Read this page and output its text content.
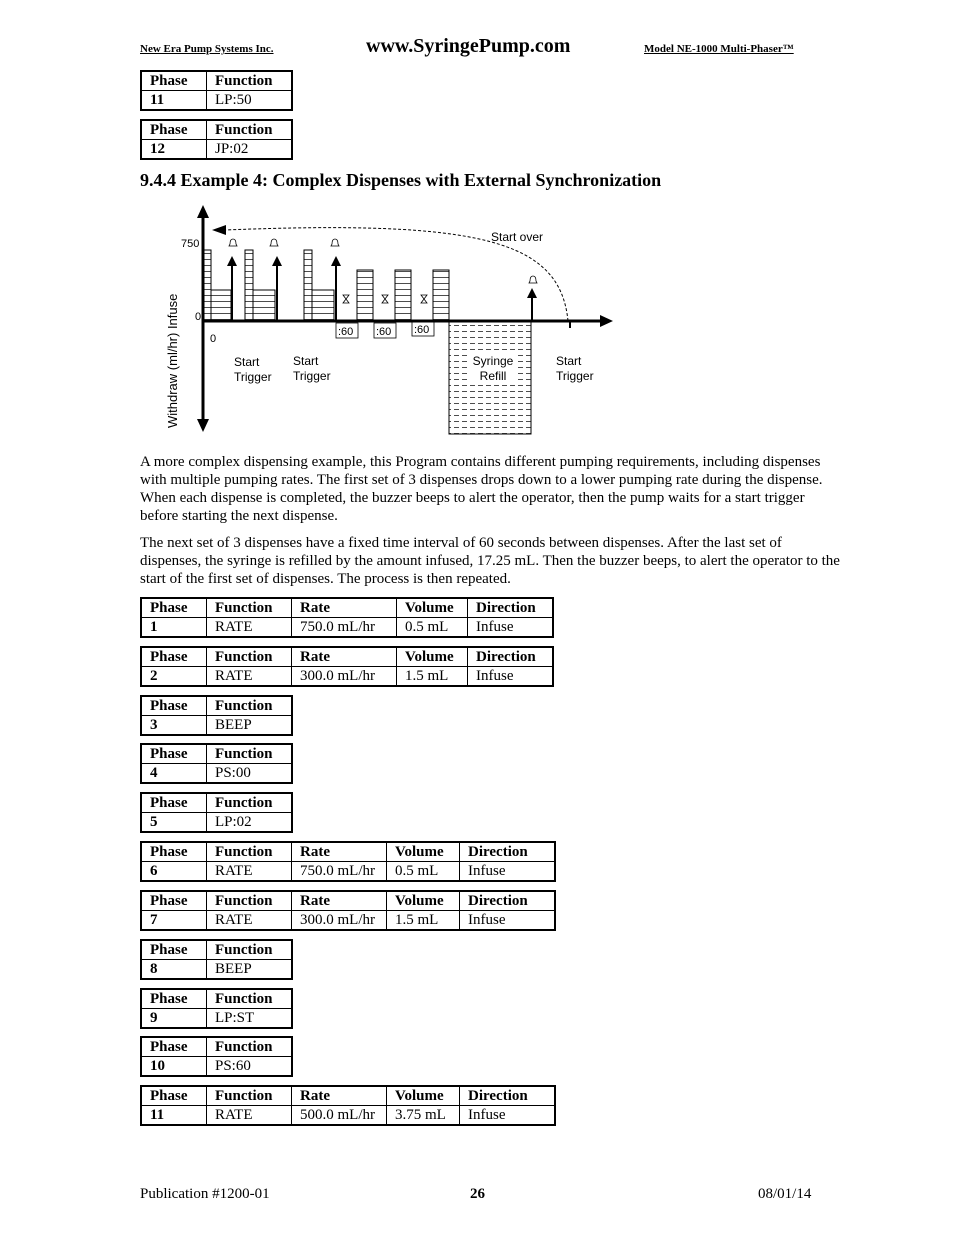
New Era Pump Systems Inc.	www.SyringePump.com	Model NE-1000 Multi-Phaser™
Phase	Function
11	LP:50
Phase	Function
12	JP:02
9.4.4 Example 4: Complex Dispenses with External Synchronization
Withdraw (ml/hr) Infuse
750
0
0
:60 :60 :60
Syringe
Refill
Start over
Start
Trigger
Start
Trigger
Start
Trigger
A more complex dispensing example, this Program contains different pumping requirements, including dispenses with multiple pumping rates. The first set of 3 dispenses drops down to a lower pumping rate during the dispense. When each dispense is completed, the buzzer beeps to alert the operator, then the pump waits for a start trigger before starting the next dispense.
The next set of 3 dispenses have a fixed time interval of 60 seconds between dispenses. After the last set of dispenses, the syringe is refilled by the amount infused, 17.25 mL. Then the buzzer beeps, to alert the operator to the start of the first set of dispenses. The process is then repeated.
Phase	Function	Rate	Volume	Direction
1	RATE	750.0 mL/hr	0.5 mL	Infuse
Phase	Function	Rate	Volume	Direction
2	RATE	300.0 mL/hr	1.5 mL	Infuse
Phase	Function
3	BEEP
Phase	Function
4	PS:00
Phase	Function
5	LP:02
Phase	Function	Rate	Volume	Direction
6	RATE	750.0 mL/hr	0.5 mL	Infuse
Phase	Function	Rate	Volume	Direction
7	RATE	300.0 mL/hr	1.5 mL	Infuse
Phase	Function
8	BEEP
Phase	Function
9	LP:ST
Phase	Function
10	PS:60
Phase	Function	Rate	Volume	Direction
11	RATE	500.0 mL/hr	3.75 mL	Infuse
Publication #1200-01	26	08/01/14
